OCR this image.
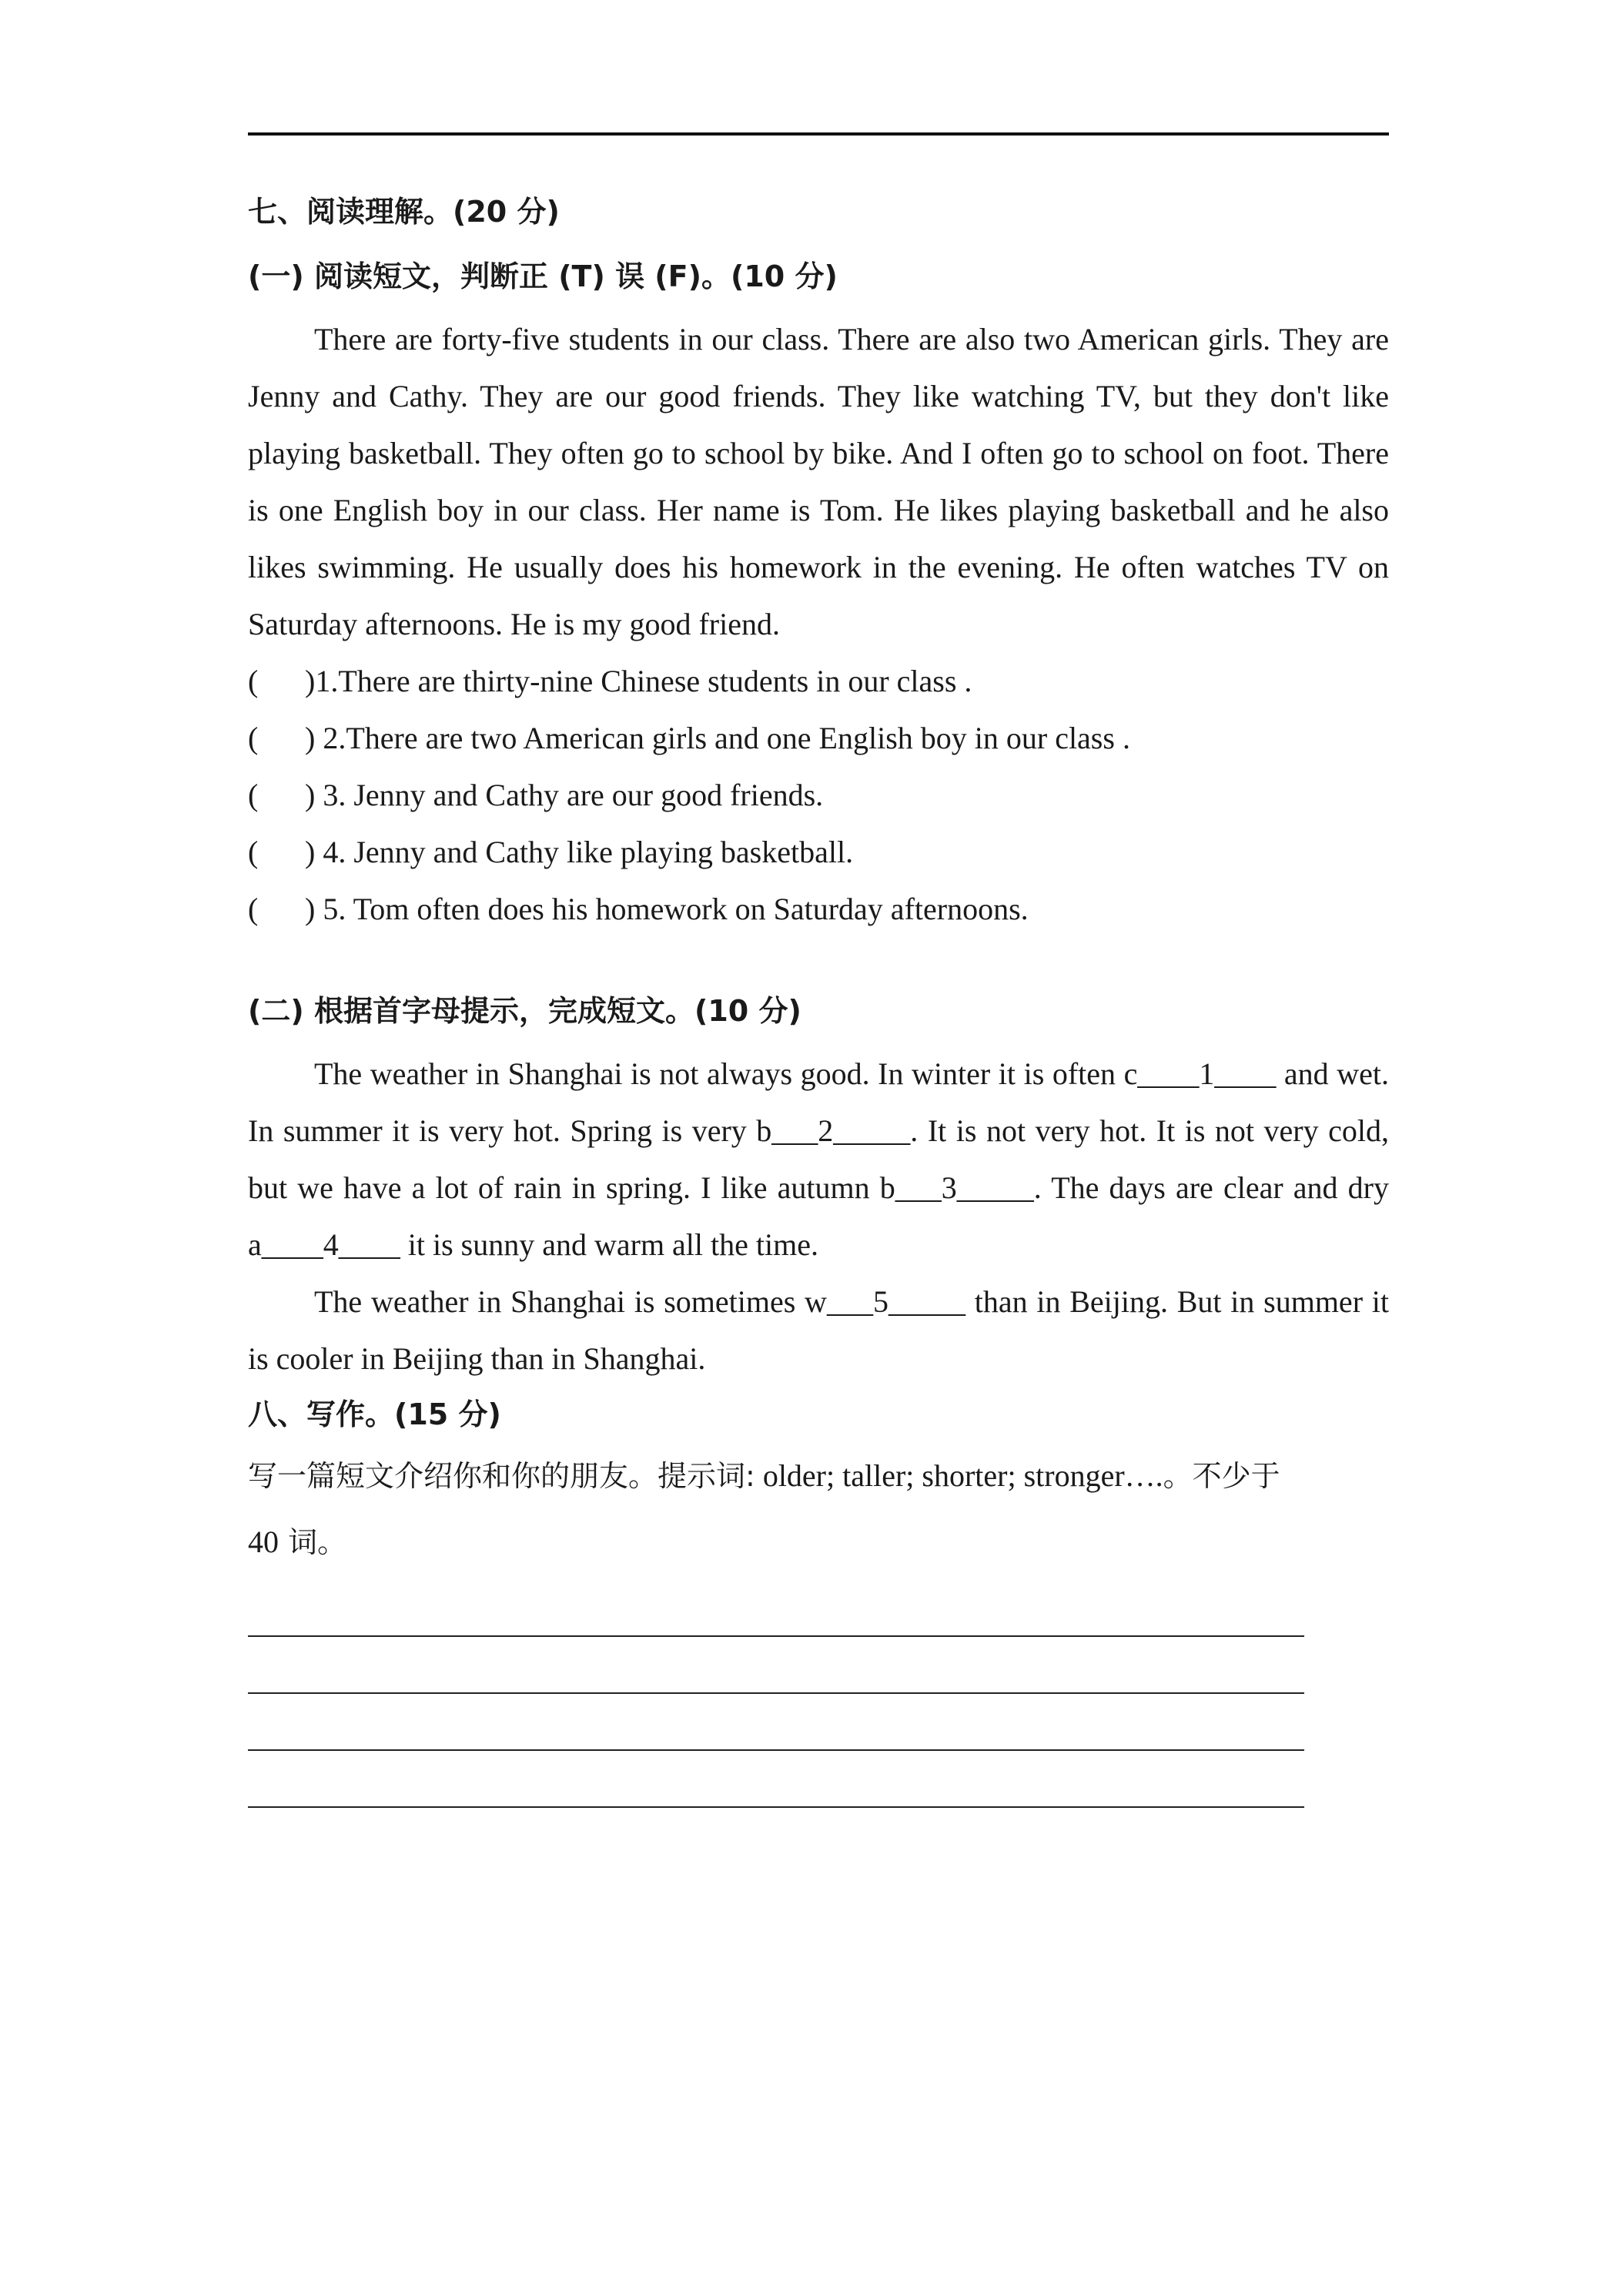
七、阅读理解。(20 分)

(一) 阅读短文，判断正 (T) 误 (F)。(10 分)

There are forty-five students in our class. There are also two American girls. They are Jenny and Cathy. They are our good friends. They like watching TV, but they don't like playing basketball. They often go to school by bike. And I often go to school on foot. There is one English boy in our class. Her name is Tom. He likes playing basketball and he also likes swimming. He usually does his homework in the evening. He often watches TV on Saturday afternoons. He is my good friend.

(	) 1.There are thirty-nine Chinese students in our class .
(	) 2.There are two American girls and one English boy in our class .
(	) 3. Jenny and Cathy are our good friends.
(	) 4. Jenny and Cathy like playing basketball.
(	) 5. Tom often does his homework on Saturday afternoons.

(二) 根据首字母提示，完成短文。(10 分)

The weather in Shanghai is not always good. In winter it is often c____1____ and wet. In summer it is very hot. Spring is very b___2_____. It is not very hot. It is not very cold, but we have a lot of rain in spring. I like autumn b___3_____. The days are clear and dry a____4____ it is sunny and warm all the time.

The weather in Shanghai is sometimes w___5_____ than in Beijing. But in summer it is cooler in Beijing than in Shanghai.

八、写作。(15 分)

写一篇短文介绍你和你的朋友。提示词: older; taller; shorter; stronger….。不少于
40 词。
